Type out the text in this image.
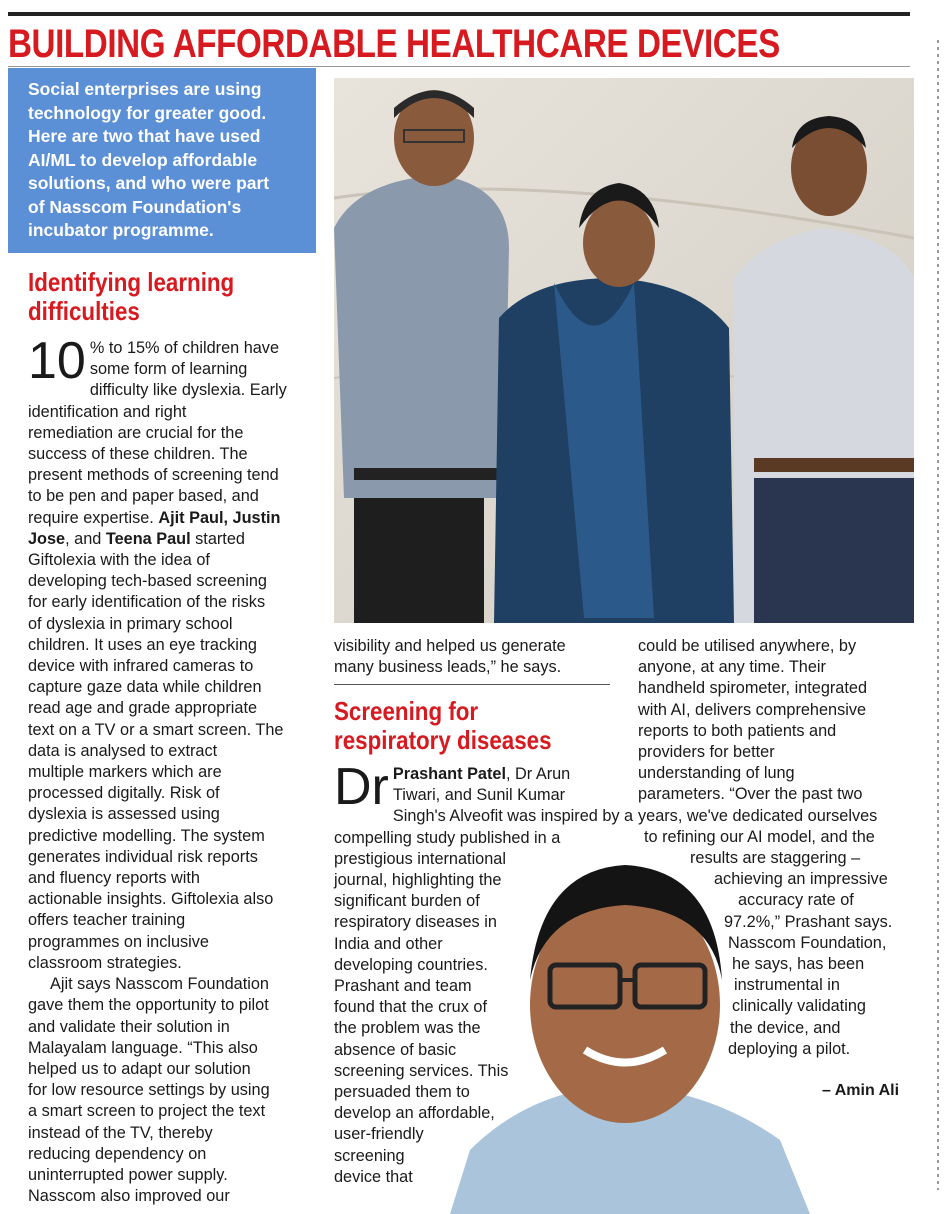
BUILDING AFFORDABLE HEALTHCARE DEVICES
Social enterprises are using
technology for greater good.
Here are two that have used
AI/ML to develop affordable
solutions, and who were part
of Nasscom Foundation's
incubator programme.
Identifying learning
difficulties
10 % to 15% of children have
some form of learning
difficulty like dyslexia. Early
identification and right
remediation are crucial for the
success of these children. The
present methods of screening tend
to be pen and paper based, and
require expertise. Ajit Paul, Justin
Jose, and Teena Paul started
Giftolexia with the idea of
developing tech-based screening
for early identification of the risks
of dyslexia in primary school
children. It uses an eye tracking
device with infrared cameras to
capture gaze data while children
read age and grade appropriate
text on a TV or a smart screen. The
data is analysed to extract
multiple markers which are
processed digitally. Risk of
dyslexia is assessed using
predictive modelling. The system
generates individual risk reports
and fluency reports with
actionable insights. Giftolexia also
offers teacher training
programmes on inclusive
classroom strategies.
Ajit says Nasscom Foundation
gave them the opportunity to pilot
and validate their solution in
Malayalam language. “This also
helped us to adapt our solution
for low resource settings by using
a smart screen to project the text
instead of the TV, thereby
reducing dependency on
uninterrupted power supply.
Nasscom also improved our
visibility and helped us generate
many business leads,” he says.
Screening for
respiratory diseases
Dr Prashant Patel, Dr Arun
Tiwari, and Sunil Kumar
Singh's Alveofit was inspired by a
compelling study published in a
prestigious international
journal, highlighting the
significant burden of
respiratory diseases in
India and other
developing countries.
Prashant and team
found that the crux of
the problem was the
absence of basic
screening services. This
persuaded them to
develop an affordable,
user-friendly
screening
device that
could be utilised anywhere, by
anyone, at any time. Their
handheld spirometer, integrated
with AI, delivers comprehensive
reports to both patients and
providers for better
understanding of lung
parameters. “Over the past two
years, we've dedicated ourselves
to refining our AI model, and the
results are staggering –
achieving an impressive
accuracy rate of
97.2%,” Prashant says.
Nasscom Foundation,
he says, has been
instrumental in
clinically validating
the device, and
deploying a pilot.
– Amin Ali
